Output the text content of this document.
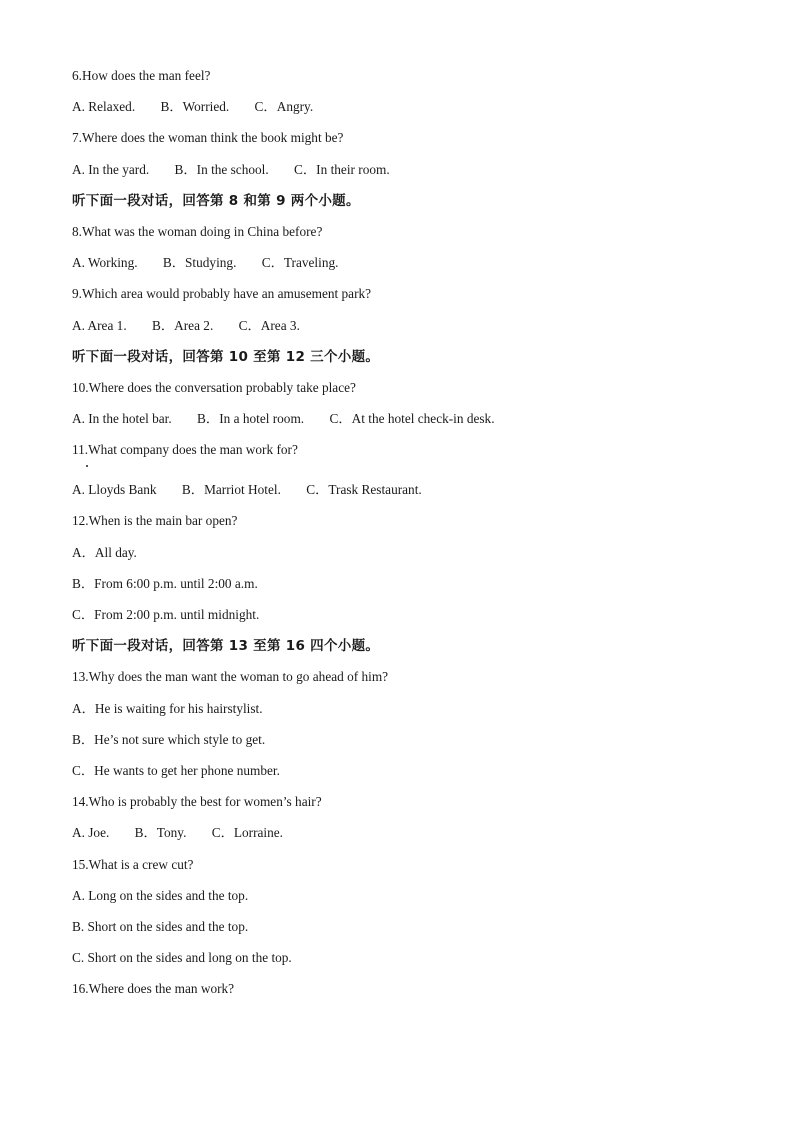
6.How does the man feel?
A. Relaxed. B．Worried. C．Angry.
7.Where does the woman think the book might be?
A. In the yard. B．In the school. C．In their room.
听下面一段对话，回答第 8 和第 9 两个小题。
8.What was the woman doing in China before?
A. Working. B．Studying. C．Traveling.
9.Which area would probably have an amusement park?
A. Area 1. B．Area 2. C．Area 3.
听下面一段对话，回答第 10 至第 12 三个小题。
10.Where does the conversation probably take place?
A. In the hotel bar. B．In a hotel room. C．At the hotel check-in desk.
11.What company does the man work for?
A. Lloyds Bank B．Marriot Hotel. C．Trask Restaurant.
12.When is the main bar open?
A．All day.
B．From 6:00 p.m. until 2:00 a.m.
C．From 2:00 p.m. until midnight.
听下面一段对话，回答第 13 至第 16 四个小题。
13.Why does the man want the woman to go ahead of him?
A．He is waiting for his hairstylist.
B．He’s not sure which style to get.
C．He wants to get her phone number.
14.Who is probably the best for women’s hair?
A. Joe. B．Tony. C．Lorraine.
15.What is a crew cut?
A. Long on the sides and the top.
B. Short on the sides and the top.
C. Short on the sides and long on the top.
16.Where does the man work?
